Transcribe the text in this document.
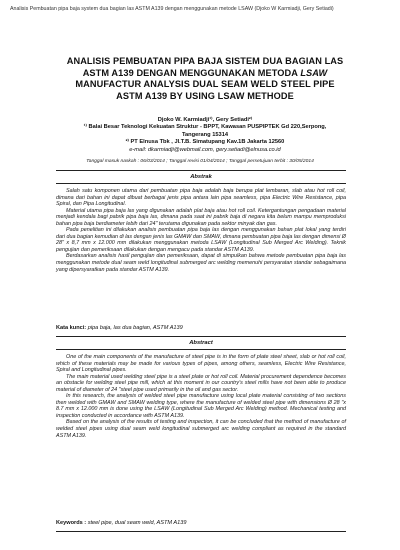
Analisis Pembuatan pipa baja system dua bagian las ASTM A139 dengan menggunakan metode LSAW (Djoko W Karmiadji, Gery Setiadi)
ANALISIS PEMBUATAN PIPA BAJA SISTEM DUA BAGIAN LAS
ASTM A139 DENGAN MENGGUNAKAN METODA LSAW
MANUFACTUR ANALYSIS DUAL SEAM WELD STEEL PIPE
ASTM A139 BY USING LSAW METHODE
Djoko W. Karmiadji¹⁾, Gery Setiadi²⁾
¹⁾ Balai Besar Teknologi Kekuatan Struktur - BPPT, Kawasan PUSPIPTEK Gd 220,Serpong, Tangerang 15314
²⁾ PT Elnusa Tbk , Jl.T.B. Simatupang Kav.1B Jakarta 12560
e-mail: dkarmiadji@webmail.com, gery.setiadi@elnusa.co.id
Tanggal masuk naskah : 06/03/2014 ; Tanggal revisi 01/04/2014 ; Tanggal persetujuan terbit : 30/05/2014
Abstrak

Salah satu komponen utama dari pembuatan pipa baja adalah baja berupa plat lembaran, slab atau hot roll coil, dimana dari bahan ini dapat dibuat berbagai jenis pipa antara lain pipa seamless, pipa Electric Wire Resistance, pipa Spiral, dan Pipa Longitudinal.

Material utama pipa baja las yang digunakan adalah plat baja atau hot roll coil. Ketergantungan pengadaan material menjadi kendala bagi pabrik pipa baja las, dimana pada saat ini pabrik baja di negara kita belum mampu memproduksi bahan pipa baja berdiameter lebih dari 24" terutama digunakan pada sektor minyak dan gas.

Pada penelitian ini dilakukan analisis pembuatan pipa baja las dengan menggunakan bahan plat lokal yang terdiri dari dua bagian kemudian di las dengan jenis las GMAW dan SMAW, dimana pembuatan pipa baja las dengan dimensi Ø 28" x 8,7 mm x 12.000 mm dilakukan menggunakan metoda LSAW (Longitudinal Sub Merged Arc Welding). Teknik pengujian dan pemeriksaan dilakukan dengan mengacu pada standar ASTM A139.

Berdasarkan analisis hasil pengujian dan pemeriksaan, dapat di simpulkan bahwa metode pembuatan pipa baja las menggunakan metode dual seam weld longitudinal submerged arc welding memenuhi persyaratan standar sebagaimana yang dipersyaratkan pada standar ASTM A139.

Kata kunci: pipa baja, las dua bagian, ASTM A139
Abstract

One of the main components of the manufacture of steel pipe is in the form of plate steel sheet, slab or hot roll coil, which of these materials may be made for various types of pipes, among others, seamless, Electric Wire Resistance, Spiral and Longitudinal pipes.

The main material used welding steel pipe is a steel plate or hot roll coil. Material procurement dependence becomes an obstacle for welding steel pipe mill, which at this moment in our country's steel mills have not been able to produce material of diameter of 24 "steel pipe used primarily in the oil and gas sector.

In this research, the analysis of welded steel pipe manufacture using local plate material consisting of two sections then welded with GMAW and SMAW welding type, where the manufacture of welded steel pipe with dimensions Ø 28 "x 8.7 mm x 12.000 mm is done using the LSAW (Longitudinal Sub Merged Arc Welding) method. Mechanical testing and inspection conducted in accordance with ASTM A139.

Based on the analysis of the results of testing and inspection, it can be concluded that the method of manufacture of welded steel pipes using dual seam weld longitudinal submerged arc welding compliant as required in the standard ASTM A139.

Keywords : steel pipe, dual seam weld, ASTM A139
